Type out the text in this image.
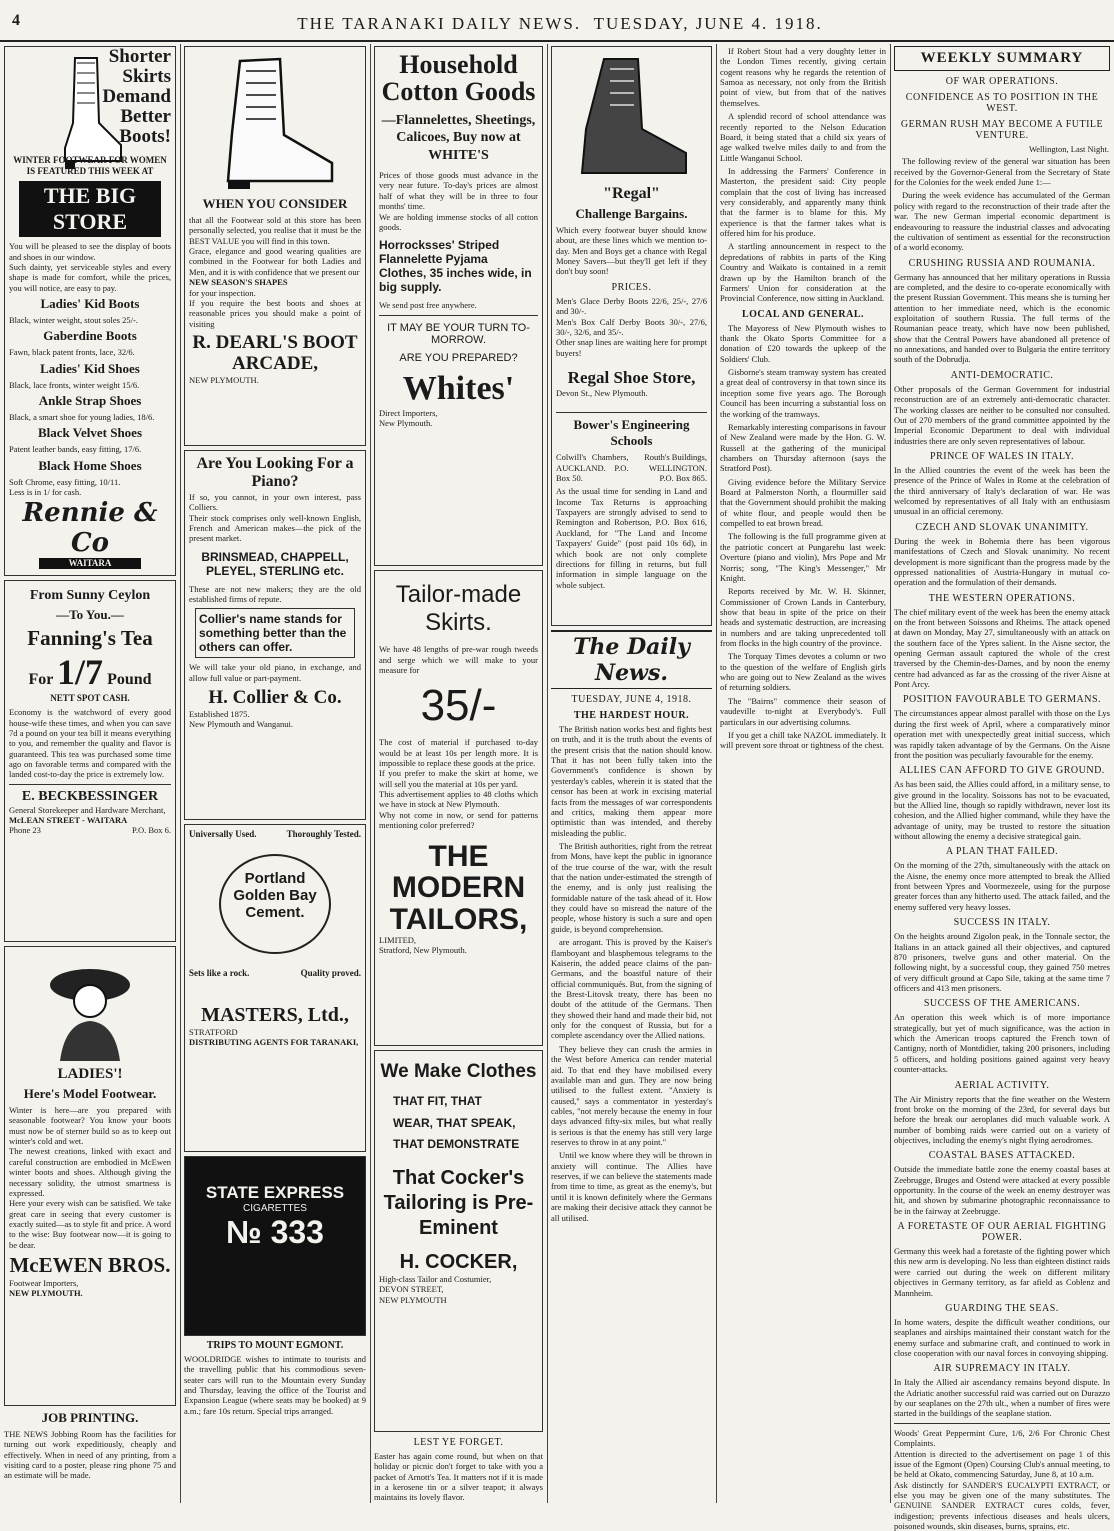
4	THE TARANAKI DAILY NEWS. TUESDAY, JUNE 4. 1918.
Shorter Skirts Demand Better Boots!
WINTER FOOTWEAR FOR WOMEN IS FEATURED THIS WEEK AT
THE BIG STORE
You will be pleased to see the display of boots and shoes in our window.
Such dainty, yet serviceable styles and every shape is made for comfort, while the prices, you will notice, are easy to pay.
Ladies' Kid Boots
Black, winter weight, stout soles 25/-.
Gaberdine Boots
Fawn, black patent fronts, lace, 32/6.
Ladies' Kid Shoes
Black, lace fronts, winter weight 15/6.
Ankle Strap Shoes
Black, a smart shoe for young ladies, 18/6.
Black Velvet Shoes
Patent leather bands, easy fitting, 17/6.
Black Home Shoes
Soft Chrome, easy fitting, 10/11.
Less is in 1/ for cash.
Rennie & Co
WAITARA
From Sunny Ceylon
—To You.—
Fanning's Tea
For 1/7 Pound
NETT SPOT CASH.
Economy is the watchword of every good house-wife these times, and when you can save 7d a pound on your tea bill it means everything to you, and remember the quality and flavor is guaranteed. This tea was purchased some time ago on favorable terms and compared with the landed cost-to-day the price is extremely low.
E. BECKBESSINGER
General Storekeeper and Hardware Merchant,
McLEAN STREET - WAITARA
Phone 23	P.O. Box 6.
LADIES'!
Here's Model Footwear.
Winter is here—are you prepared with seasonable footwear? You know your boots must now be of sterner build so as to keep out winter's cold and wet.
The newest creations, linked with exact and careful construction are embodied in McEwen winter boots and shoes. Although giving the necessary solidity, the utmost smartness is expressed.
Here your every wish can be satisfied. We take great care in seeing that every customer is exactly suited—as to style fit and price. A word to the wise: Buy footwear now—it is going to be dear.
McEWEN BROS.
Footwear Importers,
NEW PLYMOUTH.
JOB PRINTING.
THE NEWS Jobbing Room has the facilities for turning out work expeditiously, cheaply and effectively. When in need of any printing, from a visiting card to a poster, please ring phone 75 and an estimate will be made.
WHEN YOU CONSIDER
that all the Footwear sold at this store has been personally selected, you realise that it must be the BEST VALUE you will find in this town.
Grace, elegance and good wearing qualities are combined in the Footwear for both Ladies and Men, and it is with confidence that we present our
NEW SEASON'S SHAPES
for your inspection.
If you require the best boots and shoes at reasonable prices you should make a point of visiting
R. DEARL'S BOOT ARCADE,
NEW PLYMOUTH.
Are You Looking For a Piano?
If so, you cannot, in your own interest, pass Colliers.
Their stock comprises only well-known English, French and American makes—the pick of the present market.
BRINSMEAD, CHAPPELL, PLEYEL, STERLING etc.
These are not new makers; they are the old established firms of repute.
Collier's name stands for something better than the others can offer.
We will take your old piano, in exchange, and allow full value or part-payment.
H. Collier & Co.
Established 1875.
New Plymouth and Wanganui.
Universally Used.	Thoroughly Tested.
Portland Golden Bay Cement.
Sets like a rock.	Quality proved.
MASTERS, Ltd.,
STRATFORD
DISTRIBUTING AGENTS FOR TARANAKI,
STATE EXPRESS
CIGARETTES
№ 333
TRIPS TO MOUNT EGMONT.
WOOLDRIDGE wishes to intimate to tourists and the travelling public that his commodious seven-seater cars will run to the Mountain every Sunday and Thursday, leaving the office of the Tourist and Expansion League (where seats may be booked) at 9 a.m.; fare 10s return. Special trips arranged.
Household Cotton Goods
—Flannelettes, Sheetings, Calicoes, Buy now at WHITE'S
Prices of those goods must advance in the very near future. To-day's prices are almost half of what they will be in three to four months' time.
We are holding immense stocks of all cotton goods.
Horrocksses' Striped Flannelette Pyjama Clothes, 35 inches wide, in big supply.
We send post free anywhere.
IT MAY BE YOUR TURN TO-MORROW.
ARE YOU PREPARED?
Whites'
Direct Importers,
New Plymouth.
Tailor-made Skirts.
We have 48 lengths of pre-war rough tweeds and serge which we will make to your measure for
35/-
The cost of material if purchased to-day would be at least 10s per length more. It is impossible to replace these goods at the price.
If you prefer to make the skirt at home, we will sell you the material at 10s per yard.
This advertisement applies to 48 cloths which we have in stock at New Plymouth.
Why not come in now, or send for patterns mentioning color preferred?
THE MODERN TAILORS,
LIMITED,
Stratford, New Plymouth.
We Make Clothes
THAT FIT, THAT WEAR, THAT SPEAK, THAT DEMONSTRATE
That Cocker's Tailoring is Pre-Eminent
H. COCKER,
High-class Tailor and Costumier,
DEVON STREET,
NEW PLYMOUTH
LEST YE FORGET.
Easter has again come round, but when on that holiday or picnic don't forget to take with you a packet of Arnott's Tea. It matters not if it is made in a kerosene tin or a silver teapot; it always maintains its lovely flavor.
"Regal"
Challenge Bargains.
Which every footwear buyer should know about, are these lines which we mention to-day. Men and Boys get a chance with Regal Money Savers—but they'll get left if they don't buy soon!
PRICES.
Men's Glace Derby Boots 22/6, 25/-, 27/6 and 30/-.
Men's Box Calf Derby Boots 30/-, 27/6, 30/-, 32/6, and 35/-.
Other snap lines are waiting here for prompt buyers!
Regal Shoe Store,
Devon St., New Plymouth.
Bower's Engineering Schools
Colwill's Chambers, AUCKLAND. P.O. Box 50.
Routh's Buildings, WELLINGTON. P.O. Box 865.
As the usual time for sending in Land and Income Tax Returns is approaching Taxpayers are strongly advised to send to Remington and Robertson, P.O. Box 616, Auckland, for "The Land and Income Taxpayers' Guide" (post paid 10s 6d), in which book are not only complete directions for filling in returns, but full information in simple language on the whole subject.
The Daily News.
TUESDAY, JUNE 4, 1918.
THE HARDEST HOUR.

The British nation works best and fights best on truth, and it is the truth about the events of the present crisis that the nation should know. That it has not been fully taken into the Government's confidence is shown by yesterday's cables, wherein it is stated that the censor has been at work in excising material facts from the messages of war correspondents and critics, making them appear more optimistic than was intended, and thereby misleading the public.

The British authorities, right from the retreat from Mons, have kept the public in ignorance of the true course of the war, with the result that the nation under-estimated the strength of the enemy, and is only just realising the formidable nature of the task ahead of it. How they could have so misread the nature of the people, whose history is such a sure and open guide, is beyond comprehension.

are arrogant. This is proved by the Kaiser's flamboyant and blasphemous telegrams to the Kaiserin, the added peace claims of the pan-Germans, and the boastful nature of their official communiqués. But, from the signing of the Brest-Litovsk treaty, there has been no doubt of the attitude of the Germans. Then they showed their hand and made their bid, not only for the conquest of Russia, but for a complete ascendancy over the Allied nations.

They believe they can crush the armies in the West before America can render material aid. To that end they have mobilised every available man and gun. They are now being utilised to the fullest extent. "Anxiety is caused," says a commentator in yesterday's cables, "not merely because the enemy in four days advanced fifty-six miles, but what really is serious is that the enemy has still very large reserves to throw in at any point."

Until we know where they will be thrown in anxiety will continue. The Allies have reserves, if we can believe the statements made from time to time, as great as the enemy's, but until it is known definitely where the Germans are making their decisive attack they cannot be all utilised.

If Robert Stout had a very doughty letter in the London Times recently, giving certain cogent reasons why he regards the retention of Samoa as necessary, not only from the British point of view, but from that of the natives themselves.

A splendid record of school attendance was recently reported to the Nelson Education Board, it being stated that a child six years of age walked twelve miles daily to and from the Little Wanganui School.

In addressing the Farmers' Conference in Masterton, the president said: City people complain that the cost of living has increased very considerably, and apparently many think that the farmer is to blame for this. My experience is that the farmer takes what is offered him for his produce.

A startling announcement in respect to the depredations of rabbits in parts of the King Country and Waikato is contained in a remit drawn up by the Hamilton branch of the Farmers' Union for consideration at the Provincial Conference, now sitting in Auckland.

LOCAL AND GENERAL.

The Mayoress of New Plymouth wishes to thank the Okato Sports Committee for a donation of £20 towards the upkeep of the Soldiers' Club.

Gisborne's steam tramway system has created a great deal of controversy in that town since its inception some five years ago. The Borough Council has been incurring a substantial loss on the working of the tramways.

Remarkably interesting comparisons in favour of New Zealand were made by the Hon. G. W. Russell at the gathering of the municipal chambers on Thursday afternoon (says the Stratford Post).

Giving evidence before the Military Service Board at Palmerston North, a flourmiller said that the Government should prohibit the making of white flour, and people would then be compelled to eat brown bread.

The following is the full programme given at the patriotic concert at Pungarehu last week: Overture (piano and violin), Mrs Pope and Mr Norris; song, "The King's Messenger," Mr Knight.

Reports received by Mr. W. H. Skinner, Commissioner of Crown Lands in Canterbury, show that beau in spite of the price on their heads and systematic destruction, are increasing in numbers and are taking unprecedented toll from flocks in the high country of the province.

The Torquay Times devotes a column or two to the question of the welfare of English girls who are going out to New Zealand as the wives of returning soldiers.

The "Bairns" commence their season of vaudeville to-night at Everybody's. Full particulars in our advertising columns.

If you get a chill take NAZOL immediately. It will prevent sore throat or tightness of the chest.

WEEKLY SUMMARY
OF WAR OPERATIONS.
CONFIDENCE AS TO POSITION IN THE WEST.
GERMAN RUSH MAY BECOME A FUTILE VENTURE.
Wellington, Last Night.

The following review of the general war situation has been received by the Governor-General from the Secretary of State for the Colonies for the week ended June 1:—

During the week evidence has accumulated of the German policy with regard to the reconstruction of their trade after the war. The new German imperial economic department is endeavouring to reassure the industrial classes and advocating the cultivation of sentiment as essential for the reconstruction of a world economy.

CRUSHING RUSSIA AND ROUMANIA.
Germany has announced that her military operations in Russia are completed, and the desire to co-operate economically with the present Russian Government. This means she is turning her attention to her immediate need, which is the economic exploitation of southern Russia. The full terms of the Roumanian peace treaty, which have now been published, show that the Central Powers have abandoned all pretence of no annexations, and handed over to Bulgaria the entire territory south of the Dobrudja.
ANTI-DEMOCRATIC.
Other proposals of the German Government for industrial reconstruction are of an extremely anti-democratic character. The working classes are neither to be consulted nor consulted. Out of 270 members of the grand committee appointed by the Imperial Economic Department to deal with individual industries there are only seven representatives of labour.
PRINCE OF WALES IN ITALY.
In the Allied countries the event of the week has been the presence of the Prince of Wales in Rome at the celebration of the third anniversary of Italy's declaration of war. He was welcomed by representatives of all Italy with an enthusiasm unusual in an official ceremony.
CZECH AND SLOVAK UNANIMITY.
During the week in Bohemia there has been vigorous manifestations of Czech and Slovak unanimity. No recent development is more significant than the progress made by the oppressed nationalities of Austria-Hungary in mutual co-operation and the formulation of their demands.
THE WESTERN OPERATIONS.
The chief military event of the week has been the enemy attack on the front between Soissons and Rheims. The attack opened at dawn on Monday, May 27, simultaneously with an attack on the southern face of the Ypres salient. In the Aisne sector, the opening German assault captured the whole of the crest traversed by the Chemin-des-Dames, and by noon the enemy centre had advanced as far as the crossing of the river Aisne at Pont Arcy.
POSITION FAVOURABLE TO GERMANS.
The circumstances appear almost parallel with those on the Lys during the first week of April, where a comparatively minor operation met with unexpectedly great initial success, which was rapidly taken advantage of by the Germans. On the Aisne front the position was peculiarly favourable for the enemy.
ALLIES CAN AFFORD TO GIVE GROUND.
As has been said, the Allies could afford, in a military sense, to give ground in the locality. Soissons has not to be evacuated, but the Allied line, though so rapidly withdrawn, never lost its cohesion, and the Allied higher command, while they have the advantage of unity, may be trusted to restore the situation without allowing the enemy a decisive strategical gain.
A PLAN THAT FAILED.
On the morning of the 27th, simultaneously with the attack on the Aisne, the enemy once more attempted to break the Allied front between Ypres and Voormezeele, using for the purpose greater forces than any hitherto used. The attack failed, and the enemy suffered very heavy losses.
SUCCESS IN ITALY.
On the heights around Zigolon peak, in the Tonnale sector, the Italians in an attack gained all their objectives, and captured 870 prisoners, twelve guns and other material. On the following night, by a successful coup, they gained 750 metres of very difficult ground at Capo Sile, taking at the same time 7 officers and 413 men prisoners.
SUCCESS OF THE AMERICANS.
An operation this week which is of more importance strategically, but yet of much significance, was the action in which the American troops captured the French town of Cantigny, north of Montdidier, taking 200 prisoners, including 5 officers, and holding positions gained against very heavy counter-attacks.
AERIAL ACTIVITY.
The Air Ministry reports that the fine weather on the Western front broke on the morning of the 23rd, for several days but before the break our aeroplanes did much valuable work. A number of bombing raids were carried out on a variety of objectives, including the enemy's night flying aerodromes.
COASTAL BASES ATTACKED.
Outside the immediate battle zone the enemy coastal bases at Zeebrugge, Bruges and Ostend were attacked at every possible opportunity. In the course of the week an enemy destroyer was hit, and shown by submarine photographic reconnaissance to be in the fairway at Zeebrugge.
A FORETASTE OF OUR AERIAL FIGHTING POWER.
Germany this week had a foretaste of the fighting power which this new arm is developing. No less than eighteen distinct raids were carried out during the week on different military objectives in Germany territory, as far afield as Coblenz and Mannheim.
GUARDING THE SEAS.
In home waters, despite the difficult weather conditions, our seaplanes and airships maintained their constant watch for the enemy surface and submarine craft, and continued to work in close cooperation with our naval forces in convoying shipping.
AIR SUPREMACY IN ITALY.
In Italy the Allied air ascendancy remains beyond dispute. In the Adriatic another successful raid was carried out on Durazzo by our seaplanes on the 27th ult., when a number of fires were started in the buildings of the seaplane station.
Woods' Great Peppermint Cure, 1/6, 2/6 For Chronic Chest Complaints.
Attention is directed to the advertisement on page 1 of this issue of the Egmont (Open) Coursing Club's annual meeting, to be held at Okato, commencing Saturday, June 8, at 10 a.m.
Ask distinctly for SANDER'S EUCALYPTI EXTRACT, or else you may be given one of the many substitutes. The GENUINE SANDER EXTRACT cures colds, fever, indigestion; prevents infectious diseases and heals ulcers, poisoned wounds, skin diseases, burns, sprains, etc.
